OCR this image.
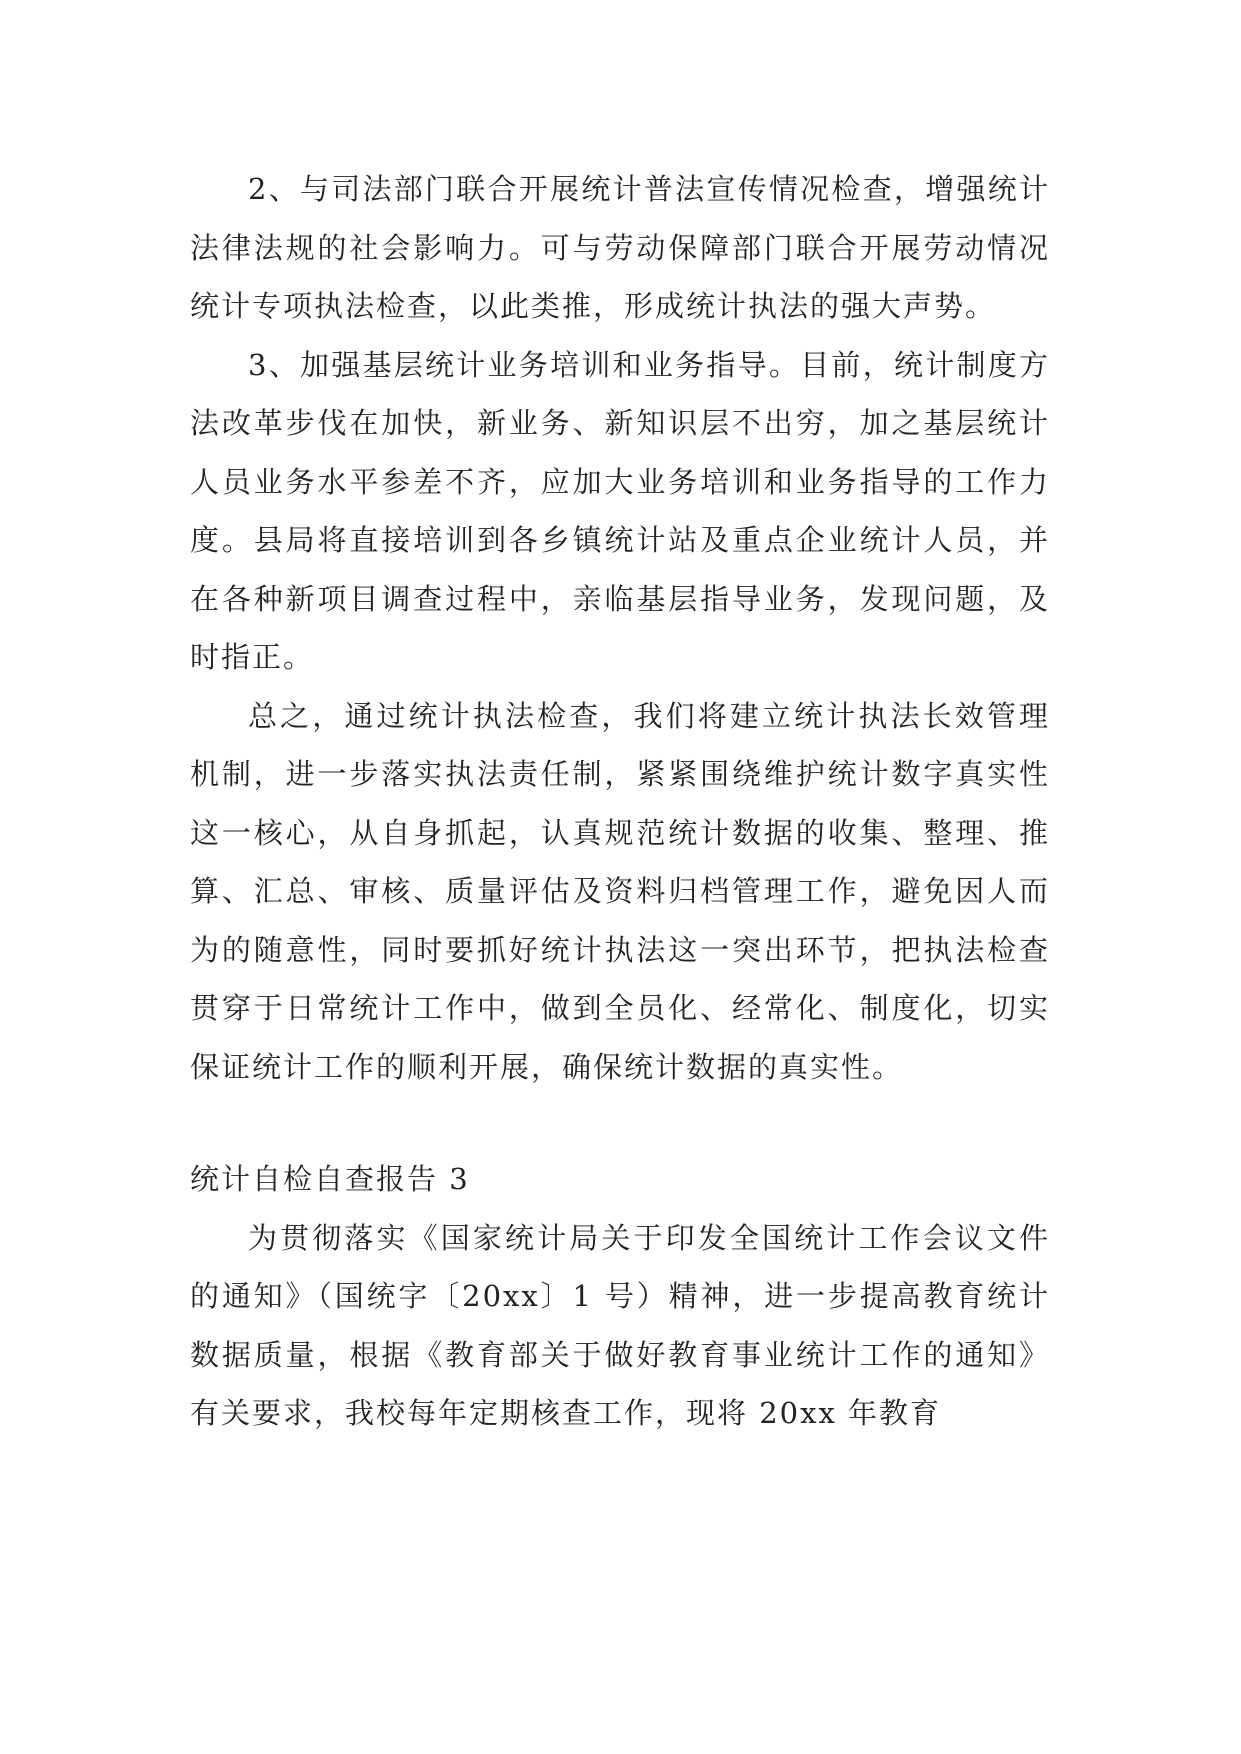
2、与司法部门联合开展统计普法宣传情况检查，增强统计法律法规的社会影响力。可与劳动保障部门联合开展劳动情况统计专项执法检查，以此类推，形成统计执法的强大声势。

3、加强基层统计业务培训和业务指导。目前，统计制度方法改革步伐在加快，新业务、新知识层不出穷，加之基层统计人员业务水平参差不齐，应加大业务培训和业务指导的工作力度。县局将直接培训到各乡镇统计站及重点企业统计人员，并在各种新项目调查过程中，亲临基层指导业务，发现问题，及时指正。

总之，通过统计执法检查，我们将建立统计执法长效管理机制，进一步落实执法责任制，紧紧围绕维护统计数字真实性这一核心，从自身抓起，认真规范统计数据的收集、整理、推算、汇总、审核、质量评估及资料归档管理工作，避免因人而为的随意性，同时要抓好统计执法这一突出环节，把执法检查贯穿于日常统计工作中，做到全员化、经常化、制度化，切实保证统计工作的顺利开展，确保统计数据的真实性。

统计自检自查报告 3

为贯彻落实《国家统计局关于印发全国统计工作会议文件的通知》（国统字〔20xx〕1 号）精神，进一步提高教育统计数据质量，根据《教育部关于做好教育事业统计工作的通知》有关要求，我校每年定期核查工作，现将 20xx 年教育
